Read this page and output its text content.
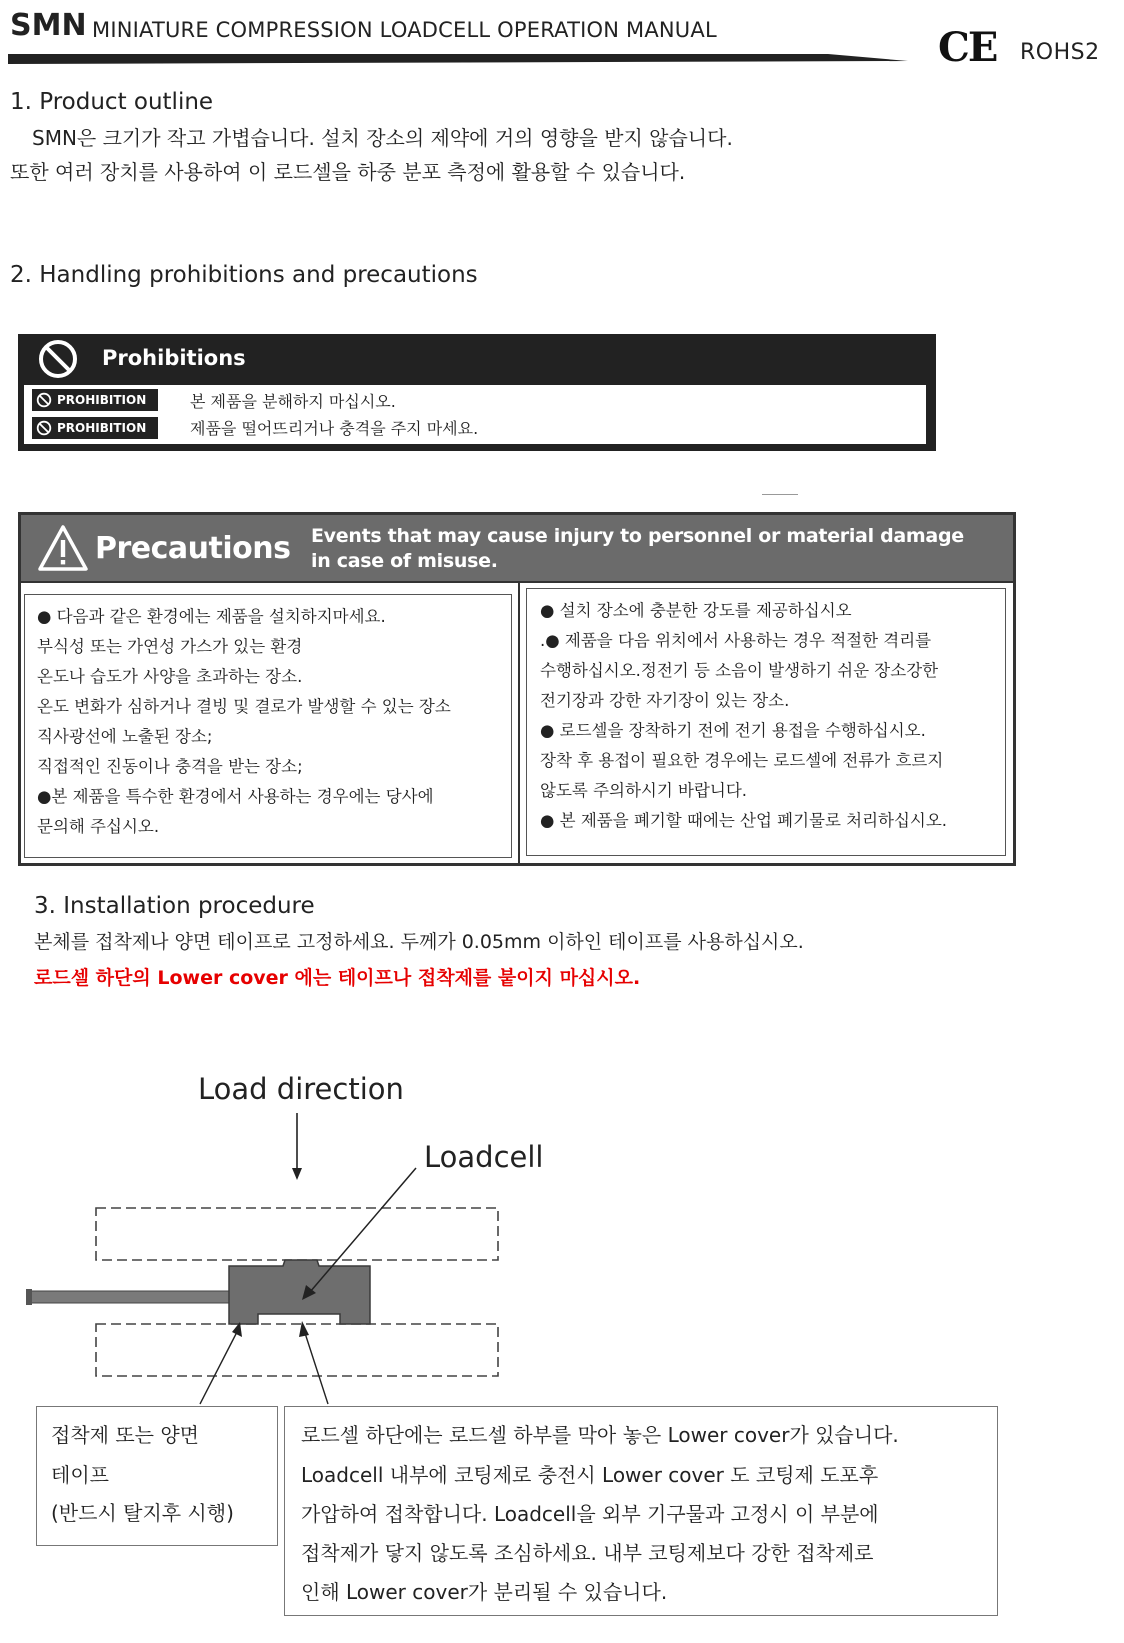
SMN MINIATURE COMPRESSION LOADCELL OPERATION MANUAL	CE ROHS2
1. Product outline
SMN은 크기가 작고 가볍습니다. 설치 장소의 제약에 거의 영향을 받지 않습니다.
또한 여러 장치를 사용하여 이 로드셀을 하중 분포 측정에 활용할 수 있습니다.
2. Handling prohibitions and precautions
Prohibitions
PROHIBITION
PROHIBITION
본 제품을 분해하지 마십시오.
제품을 떨어뜨리거나 충격을 주지 마세요.
Precautions Events that may cause injury to personnel or material damage
in case of misuse.
● 다음과 같은 환경에는 제품을 설치하지마세요.
부식성 또는 가연성 가스가 있는 환경
온도나 습도가 사양을 초과하는 장소.
온도 변화가 심하거나 결빙 및 결로가 발생할 수 있는 장소
직사광선에 노출된 장소;
직접적인 진동이나 충격을 받는 장소;
●본 제품을 특수한 환경에서 사용하는 경우에는 당사에
문의해 주십시오.
● 설치 장소에 충분한 강도를 제공하십시오
.● 제품을 다음 위치에서 사용하는 경우 적절한 격리를
수행하십시오.정전기 등 소음이 발생하기 쉬운 장소강한
전기장과 강한 자기장이 있는 장소.
● 로드셀을 장착하기 전에 전기 용접을 수행하십시오.
장착 후 용접이 필요한 경우에는 로드셀에 전류가 흐르지
않도록 주의하시기 바랍니다.
● 본 제품을 폐기할 때에는 산업 폐기물로 처리하십시오.
3. Installation procedure
본체를 접착제나 양면 테이프로 고정하세요. 두께가 0.05mm 이하인 테이프를 사용하십시오.
로드셀 하단의 Lower cover 에는 테이프나 접착제를 붙이지 마십시오.
Load direction
Loadcell
접착제 또는 양면
테이프
(반드시 탈지후 시행)
로드셀 하단에는 로드셀 하부를 막아 놓은 Lower cover가 있습니다.
Loadcell 내부에 코팅제로 충전시 Lower cover 도 코팅제 도포후
가압하여 접착합니다. Loadcell을 외부 기구물과 고정시 이 부분에
접착제가 닿지 않도록 조심하세요. 내부 코팅제보다 강한 접착제로
인해 Lower cover가 분리될 수 있습니다.
